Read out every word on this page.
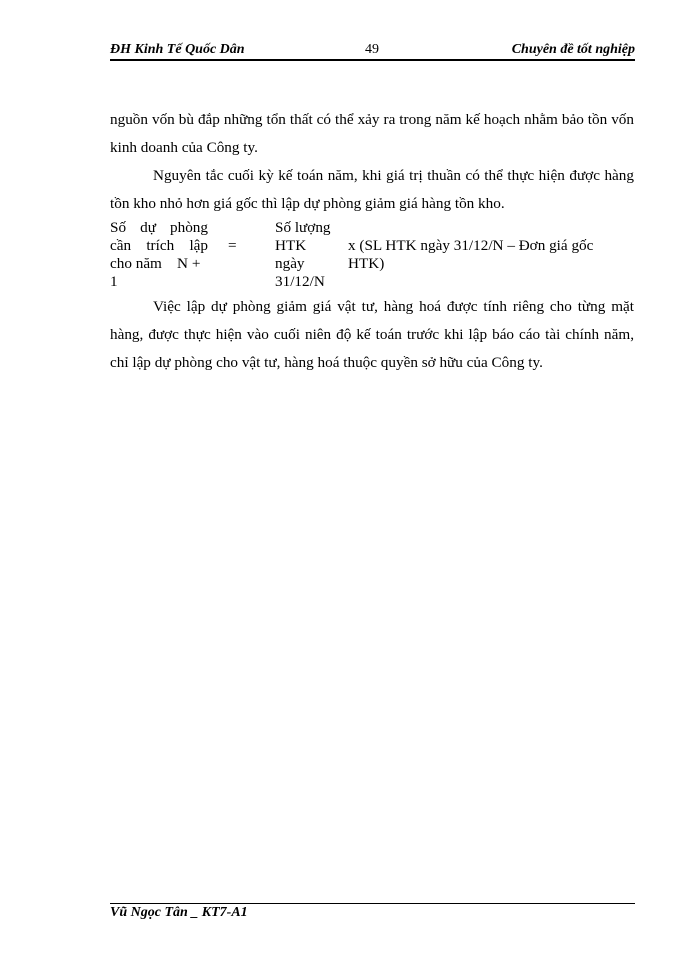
ĐH Kinh Tế Quốc Dân	49	Chuyên đề tốt nghiệp

nguồn vốn bù đắp những tổn thất có thể xảy ra trong năm kế hoạch nhằm bảo tồn vốn kinh doanh của Công ty.

Nguyên tắc cuối kỳ kế toán năm, khi giá trị thuần có thể thực hiện được hàng tồn kho nhỏ hơn giá gốc thì lập dự phòng giảm giá hàng tồn kho.

Số dự phòng
cần trích lập
cho năm    N +
1
=
Số lượng
HTK
ngày
31/12/N
x (SL HTK ngày 31/12/N – Đơn giá gốc
HTK)

Việc lập dự phòng giảm giá vật tư, hàng hoá được tính riêng cho từng mặt hàng, được thực hiện vào cuối niên độ kế toán trước khi lập báo cáo tài chính năm, chỉ lập dự phòng cho vật tư, hàng hoá thuộc quyền sở hữu của Công ty.

Vũ Ngọc Tân _ KT7-A1
